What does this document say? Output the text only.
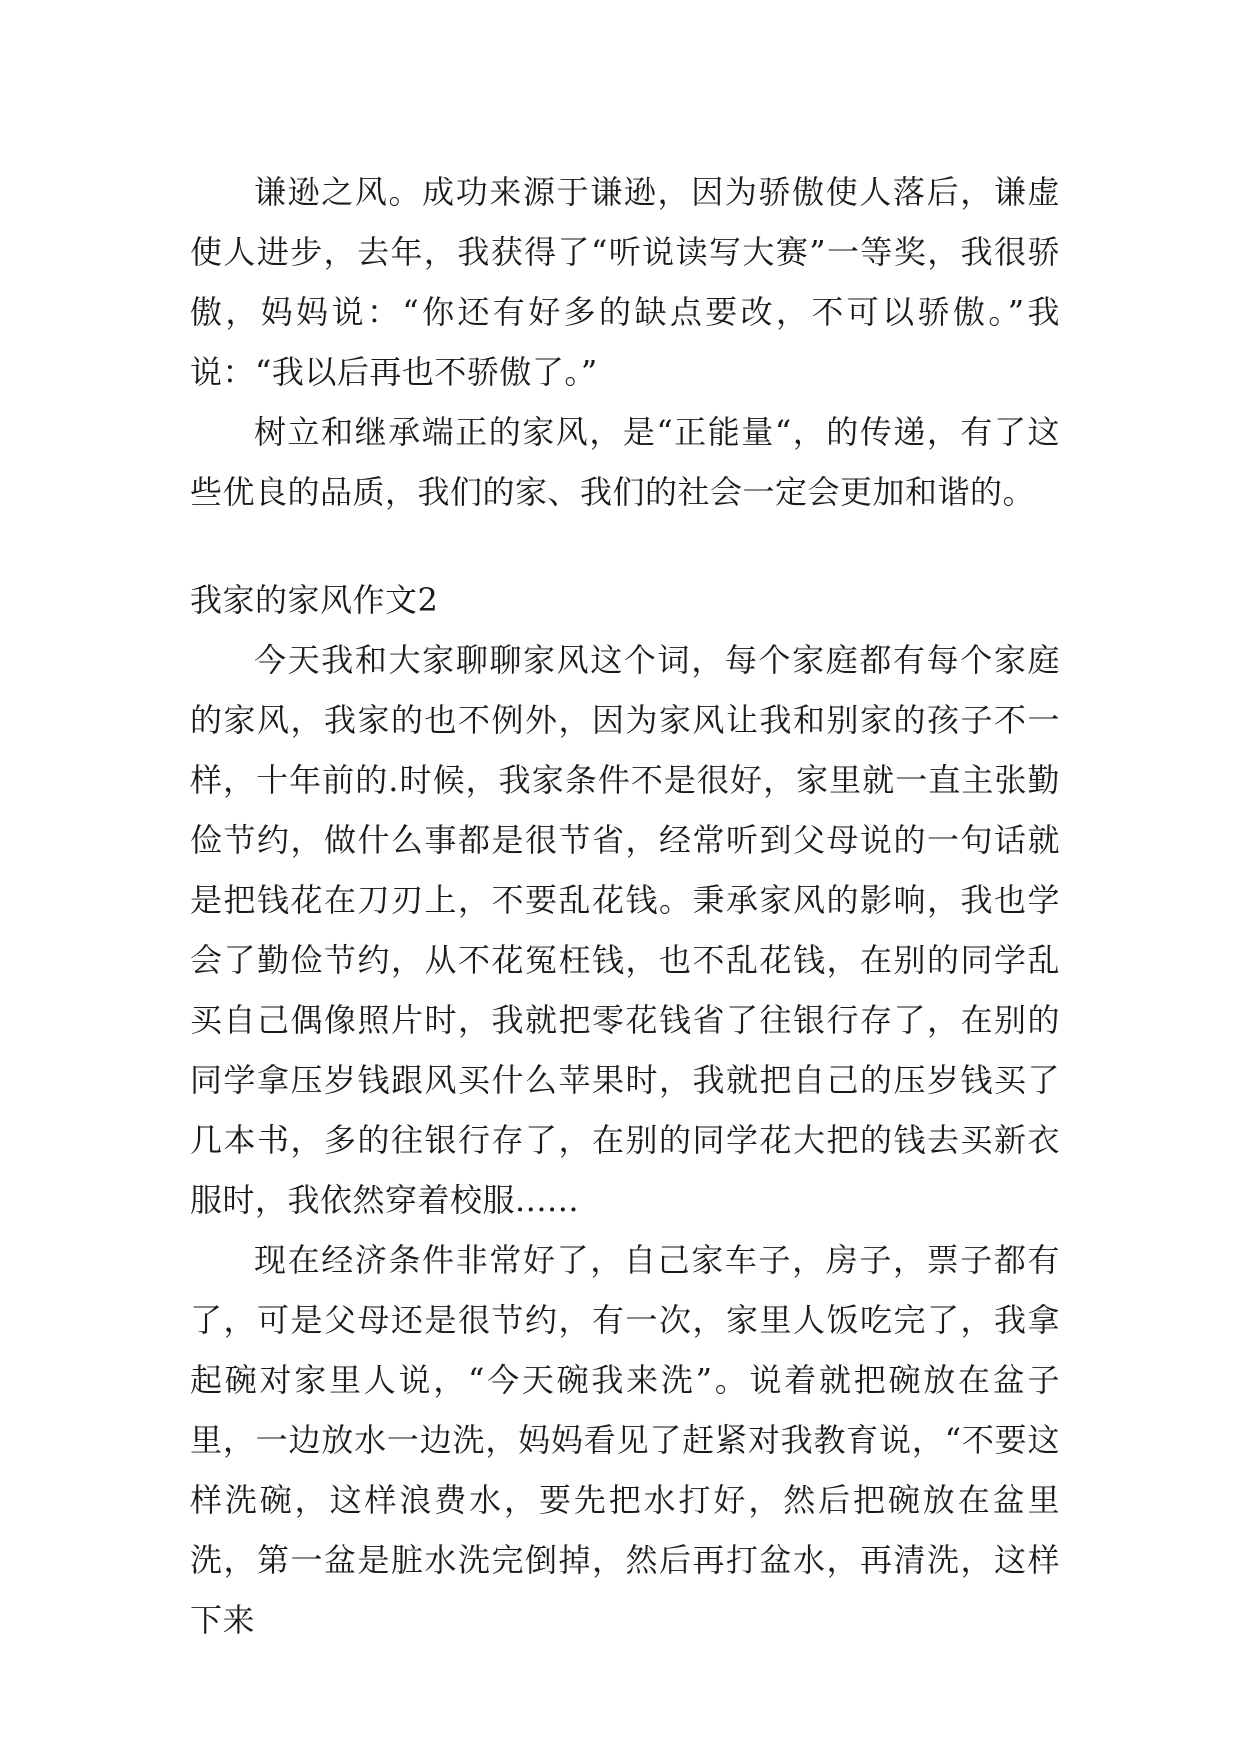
谦逊之风。成功来源于谦逊，因为骄傲使人落后，谦虚使人进步，去年，我获得了“听说读写大赛”一等奖，我很骄傲，妈妈说：“你还有好多的缺点要改，不可以骄傲。”我说：“我以后再也不骄傲了。”

树立和继承端正的家风，是“正能量“，的传递，有了这些优良的品质，我们的家、我们的社会一定会更加和谐的。

我家的家风作文2

今天我和大家聊聊家风这个词，每个家庭都有每个家庭的家风，我家的也不例外，因为家风让我和别家的孩子不一样，十年前的.时候，我家条件不是很好，家里就一直主张勤俭节约，做什么事都是很节省，经常听到父母说的一句话就是把钱花在刀刃上，不要乱花钱。秉承家风的影响，我也学会了勤俭节约，从不花冤枉钱，也不乱花钱，在别的同学乱买自己偶像照片时，我就把零花钱省了往银行存了，在别的同学拿压岁钱跟风买什么苹果时，我就把自己的压岁钱买了几本书，多的往银行存了，在别的同学花大把的钱去买新衣服时，我依然穿着校服......

现在经济条件非常好了，自己家车子，房子，票子都有了，可是父母还是很节约，有一次，家里人饭吃完了，我拿起碗对家里人说，“今天碗我来洗”。说着就把碗放在盆子里，一边放水一边洗，妈妈看见了赶紧对我教育说，“不要这样洗碗，这样浪费水，要先把水打好，然后把碗放在盆里洗，第一盆是脏水洗完倒掉，然后再打盆水，再清洗，这样下来
